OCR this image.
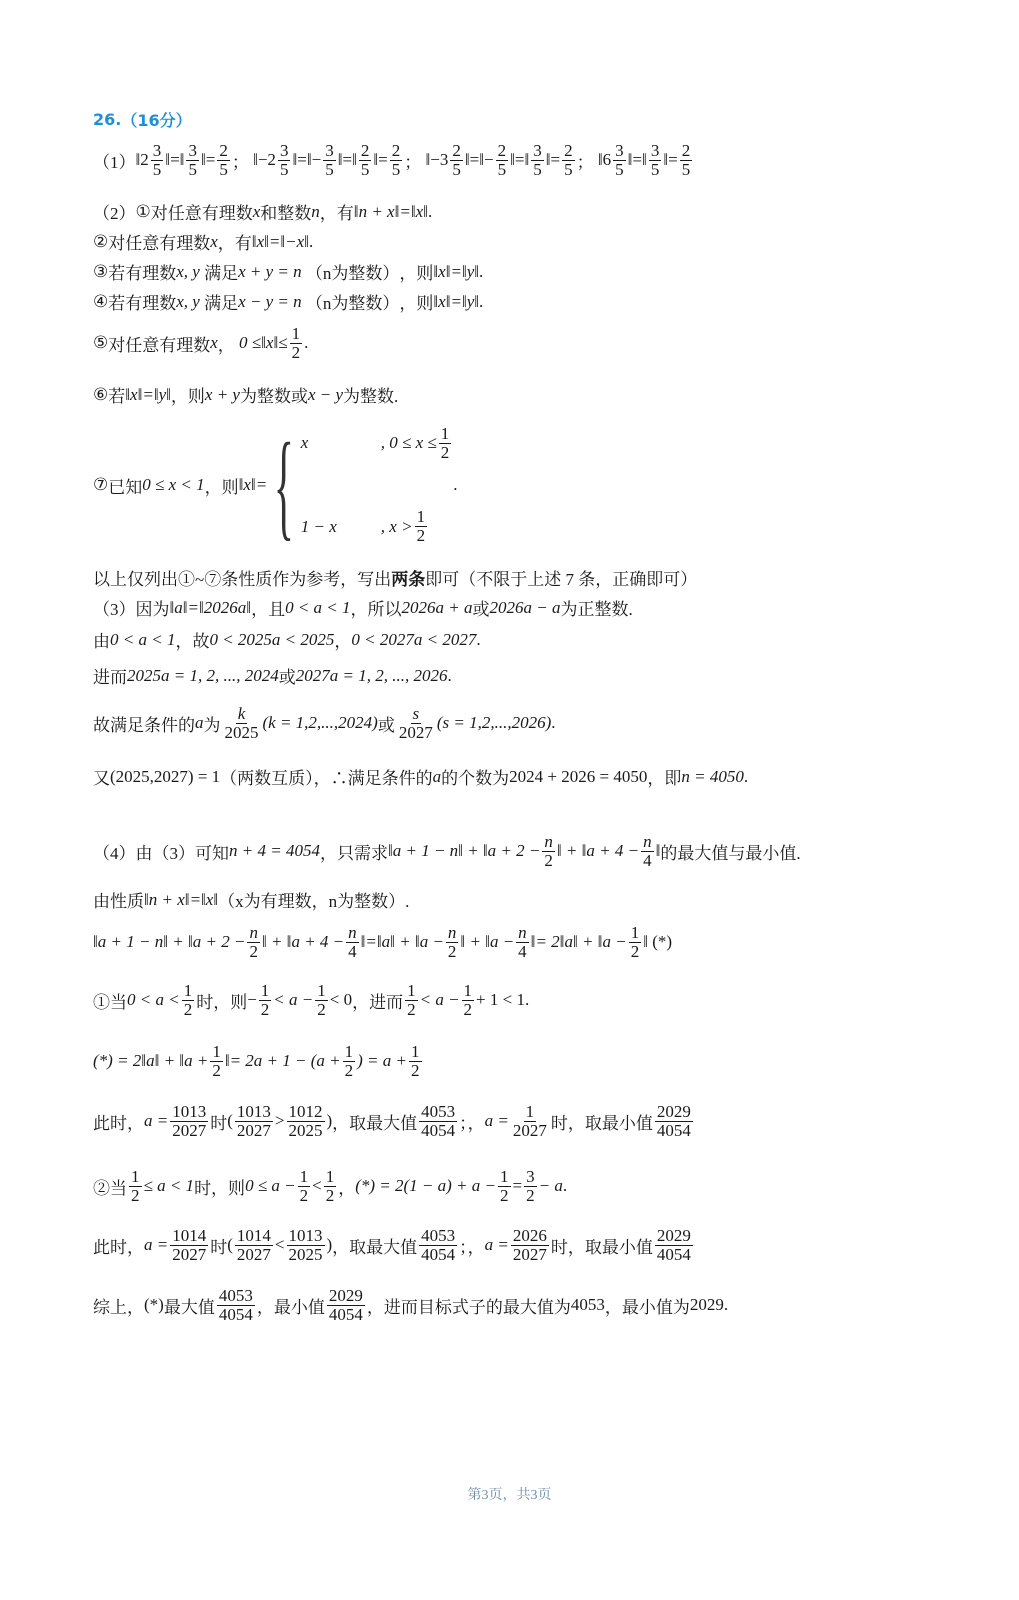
26. （16分）
（1） ‖ $2 \frac{3}{5}$ ‖ = ‖ $\frac{3}{5}$ ‖ = $\frac{2}{5}$ ；
‖ $-2 \frac{3}{5}$ ‖ = ‖ − $\frac{3}{5}$ ‖ = ‖ $\frac{2}{5}$ ‖ = $\frac{2}{5}$ ；
‖ $-3 \frac{2}{5}$ ‖ = ‖ − $\frac{2}{5}$ ‖ = ‖ $\frac{3}{5}$ ‖ = $\frac{2}{5}$ ；
‖ $6 \frac{3}{5}$ ‖ = ‖ $\frac{3}{5}$ ‖ = $\frac{2}{5}$
（2） ① 对任意有理数 x 和整数 n ，有 ‖n + x‖=‖x‖ .
② 对任意有理数 x ，有 ‖x‖=‖−x‖ .
③ 若有理数 x, y
满足 x + y = n
（n为整数） ，则 ‖x‖=‖y‖ .
④ 若有理数 x, y
满足 x − y = n
（n为整数） ，则 ‖x‖=‖y‖ .
⑤ 对任意有理数 x ，
0 ≤‖x‖≤ $\frac{1}{2}$ .
⑥ 若 ‖x‖=‖y‖ ，则 x + y 为整数或 x − y 为整数.
⑦ 已知 0 ≤ x < 1 ，则 ‖x‖= { x	, $0 \le x \le \frac{1}{2}$
1 − x	, $x > \frac{1}{2}$
.
以上仅列出①~⑦条性质作为参考，写出 两条 即可（不限于上述 7 条，正确即可）
（3）因为 ‖a‖=‖2026a‖ ，且 0 < a < 1 ，所以 2026a + a 或 2026a − a 为正整数.
由 0 < a < 1 ，故 0 < 2025a < 2025 ， 0 < 2027a < 2027 .
进而 2025a = 1, 2, ..., 2024 或 2027a = 1, 2, ..., 2026 .
故满足条件的 a 为 $\frac{k}{2025} (k = 1,2,...,2024)$ 或 $\frac{s}{2027} (s = 1,2,...,2026)$ .
又 (2025,2027) = 1 （两数互质），∴满足条件的 a 的个数为 2024 + 2026 = 4050 ，即 n = 4050 .
（4）由（3）可知 n + 4 = 4054 ，只需求 ‖a + 1 − n‖ + ‖a + $2 - \frac{n}{2}$ ‖ + ‖a + $4 - \frac{n}{4}$ ‖ 的最大值与最小值.
由性质 ‖n + x‖=‖x‖ （x为有理数，n为整数）.
‖a + 1 − n‖ + ‖a + $2 - \frac{n}{2}$ ‖ + ‖a + $4 - \frac{n}{4}$ ‖=‖a‖ + ‖a − $\frac{n}{2}$ ‖ + ‖a − $\frac{n}{4}$ ‖= 2‖a‖ + ‖a − $\frac{1}{2}$ ‖ (*)
①当 $0 < a < \frac{1}{2}$ 时，则 − $\frac{1}{2} < a - \frac{1}{2} < 0$ ，进而 $\frac{1}{2} < a - \frac{1}{2} + 1 < 1$ .
(*) = 2‖a‖ + ‖a + $\frac{1}{2}$ ‖= $2a + 1 - (a + \frac{1}{2}$ ) = $a + \frac{1}{2}$
此时， $a = \frac{1013}{2027}$ 时 ( $\frac{1013}{2027} > \frac{1012}{2025}$ ) ，取最大值 $\frac{4053}{4054}$ ；， $a = \frac{1}{2027}$ 时，取最小值 $\frac{2029}{4054}$
②当 $\frac{1}{2} \le a < 1$ 时，则 $0 \le a - \frac{1}{2} < \frac{1}{2}$ ， (*) = $2(1 - a) + a - \frac{1}{2} = \frac{3}{2} - a$ .
此时， $a = \frac{1014}{2027}$ 时 ( $\frac{1014}{2027} < \frac{1013}{2025}$ ) ，取最大值 $\frac{4053}{4054}$ ；， $a = \frac{2026}{2027}$ 时，取最小值 $\frac{2029}{4054}$
综上， (*) 最大值 $\frac{4053}{4054}$ ，最小值 $\frac{2029}{4054}$ ，进而目标式子的最大值为 4053 ，最小值为 2029 .
第3页，共3页
